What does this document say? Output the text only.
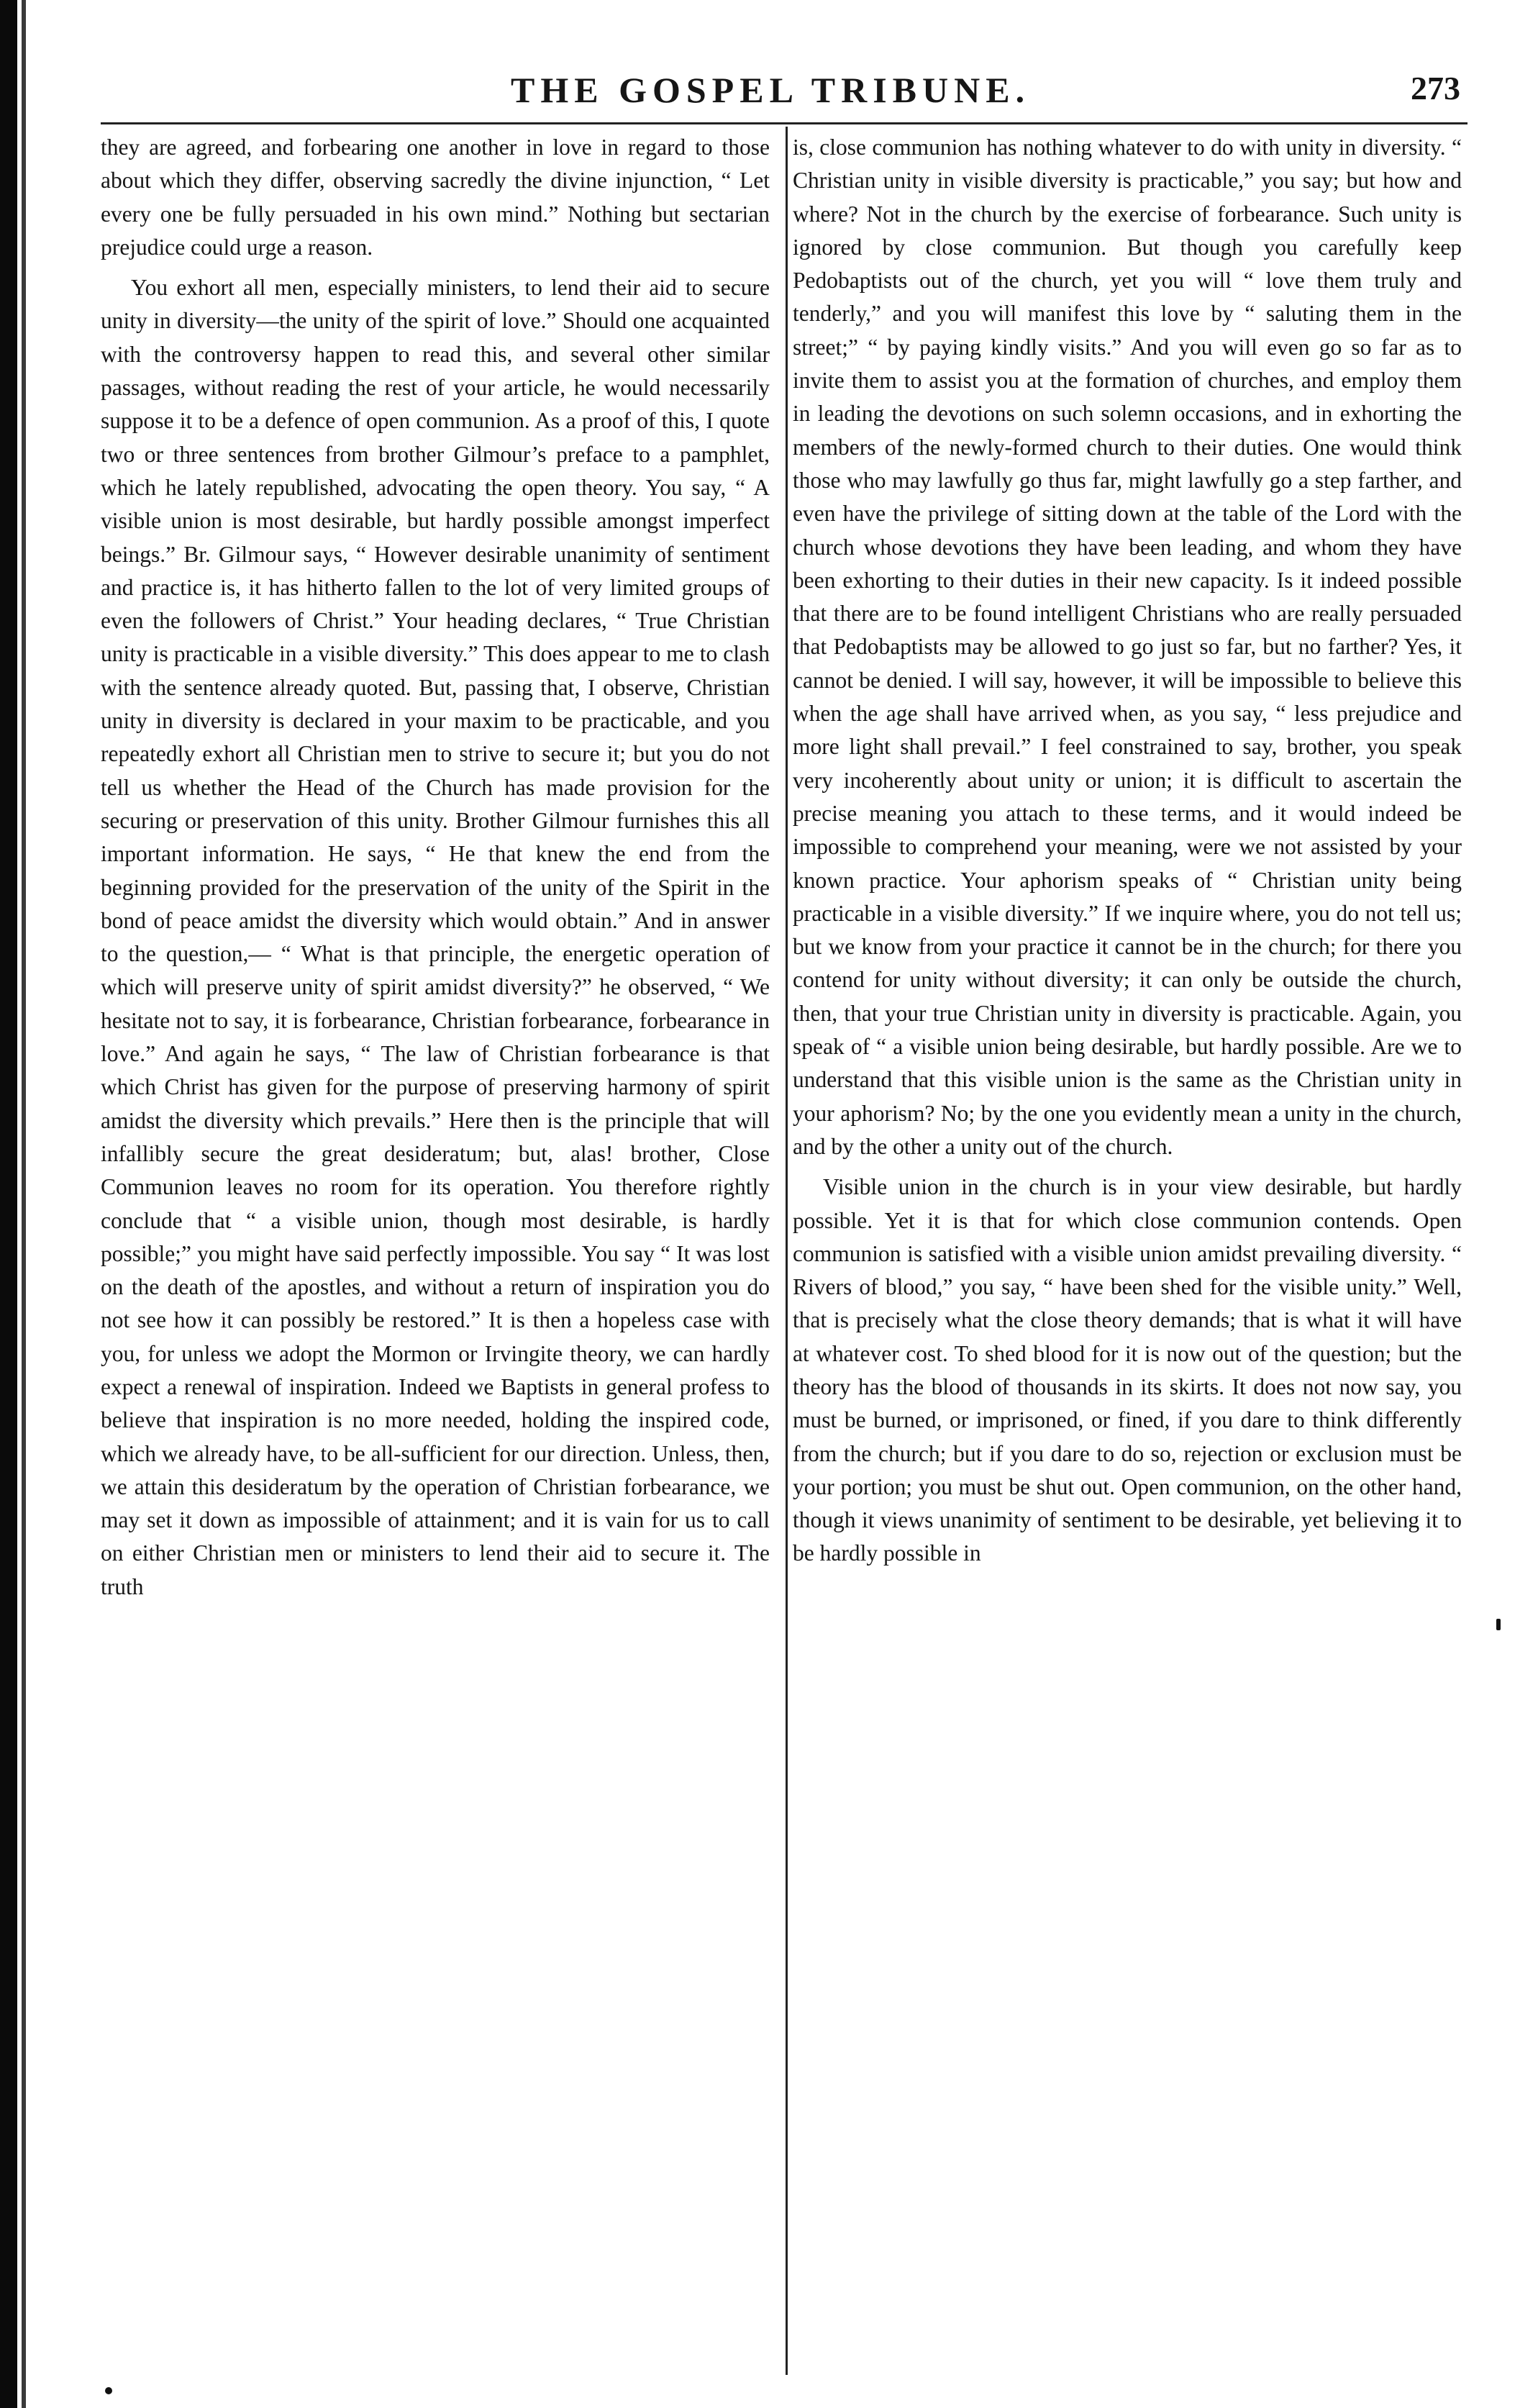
THE GOSPEL TRIBUNE.	273

they are agreed, and forbearing one another in love in regard to those about which they differ, observing sacredly the divine injunction, “ Let every one be fully persuaded in his own mind.” Nothing but sectarian prejudice could urge a reason.

You exhort all men, especially ministers, to lend their aid to secure unity in diversity—the unity of the spirit of love.” Should one acquainted with the controversy happen to read this, and several other similar passages, without reading the rest of your article, he would necessarily suppose it to be a defence of open communion. As a proof of this, I quote two or three sentences from brother Gilmour’s preface to a pamphlet, which he lately republished, advocating the open theory. You say, “ A visible union is most desirable, but hardly possible amongst imperfect beings.” Br. Gilmour says, “ However desirable unanimity of sentiment and practice is, it has hitherto fallen to the lot of very limited groups of even the followers of Christ.” Your heading declares, “ True Christian unity is practicable in a visible diversity.” This does appear to me to clash with the sentence already quoted. But, passing that, I observe, Christian unity in diversity is declared in your maxim to be practicable, and you repeatedly exhort all Christian men to strive to secure it; but you do not tell us whether the Head of the Church has made provision for the securing or preservation of this unity. Brother Gilmour furnishes this all important information. He says, “ He that knew the end from the beginning provided for the preservation of the unity of the Spirit in the bond of peace amidst the diversity which would obtain.” And in answer to the question,— “ What is that principle, the energetic operation of which will preserve unity of spirit amidst diversity?” he observed, “ We hesitate not to say, it is forbearance, Christian forbearance, forbearance in love.” And again he says, “ The law of Christian forbearance is that which Christ has given for the purpose of preserving harmony of spirit amidst the diversity which prevails.” Here then is the principle that will infallibly secure the great desideratum; but, alas! brother, Close Communion leaves no room for its operation. You therefore rightly conclude that “ a visible union, though most desirable, is hardly possible;” you might have said perfectly impossible. You say “ It was lost on the death of the apostles, and without a return of inspiration you do not see how it can possibly be restored.” It is then a hopeless case with you, for unless we adopt the Mormon or Irvingite theory, we can hardly expect a renewal of inspiration. Indeed we Baptists in general profess to believe that inspiration is no more needed, holding the inspired code, which we already have, to be all-sufficient for our direction. Unless, then, we attain this desideratum by the operation of Christian forbearance, we may set it down as impossible of attainment; and it is vain for us to call on either Christian men or ministers to lend their aid to secure it. The truth

is, close communion has nothing whatever to do with unity in diversity. “ Christian unity in visible diversity is practicable,” you say; but how and where? Not in the church by the exercise of forbearance. Such unity is ignored by close communion. But though you carefully keep Pedobaptists out of the church, yet you will “ love them truly and tenderly,” and you will manifest this love by “ saluting them in the street;” “ by paying kindly visits.” And you will even go so far as to invite them to assist you at the formation of churches, and employ them in leading the devotions on such solemn occasions, and in exhorting the members of the newly-formed church to their duties. One would think those who may lawfully go thus far, might lawfully go a step farther, and even have the privilege of sitting down at the table of the Lord with the church whose devotions they have been leading, and whom they have been exhorting to their duties in their new capacity. Is it indeed possible that there are to be found intelligent Christians who are really persuaded that Pedobaptists may be allowed to go just so far, but no farther? Yes, it cannot be denied. I will say, however, it will be impossible to believe this when the age shall have arrived when, as you say, “ less prejudice and more light shall prevail.” I feel constrained to say, brother, you speak very incoherently about unity or union; it is difficult to ascertain the precise meaning you attach to these terms, and it would indeed be impossible to comprehend your meaning, were we not assisted by your known practice. Your aphorism speaks of “ Christian unity being practicable in a visible diversity.” If we inquire where, you do not tell us; but we know from your practice it cannot be in the church; for there you contend for unity without diversity; it can only be outside the church, then, that your true Christian unity in diversity is practicable. Again, you speak of “ a visible union being desirable, but hardly possible. Are we to understand that this visible union is the same as the Christian unity in your aphorism? No; by the one you evidently mean a unity in the church, and by the other a unity out of the church.

Visible union in the church is in your view desirable, but hardly possible. Yet it is that for which close communion contends. Open communion is satisfied with a visible union amidst prevailing diversity. “ Rivers of blood,” you say, “ have been shed for the visible unity.” Well, that is precisely what the close theory demands; that is what it will have at whatever cost. To shed blood for it is now out of the question; but the theory has the blood of thousands in its skirts. It does not now say, you must be burned, or imprisoned, or fined, if you dare to think differently from the church; but if you dare to do so, rejection or exclusion must be your portion; you must be shut out. Open communion, on the other hand, though it views unanimity of sentiment to be desirable, yet believing it to be hardly possible in
